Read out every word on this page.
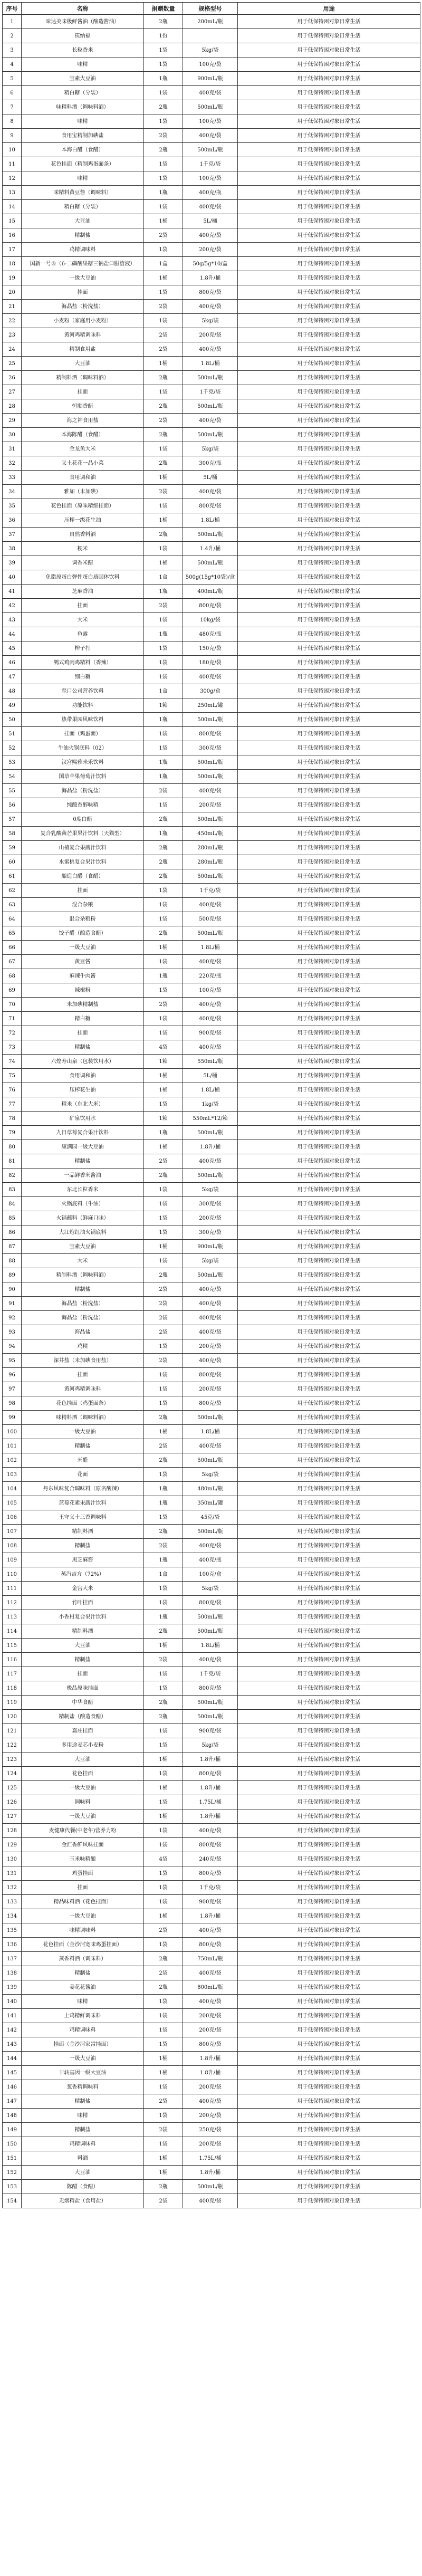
序号	名称	捐赠数量	规格型号	用途
1	味达美味极鲜酱油（酿造酱油）	2瓶	200mL/瓶	用于低保特困对象日常生活
2	筷纳福	1份		用于低保特困对象日常生活
3	长粒香米	1袋	5kg/袋	用于低保特困对象日常生活
4	味精	1袋	100克/袋	用于低保特困对象日常生活
5	宝素大豆油	1瓶	900mL/瓶	用于低保特困对象日常生活
6	精白糖（分装）	1袋	400克/袋	用于低保特困对象日常生活
7	味精料酒（调味料酒）	2瓶	500mL/瓶	用于低保特困对象日常生活
8	味精	1袋	100克/袋	用于低保特困对象日常生活
9	食用宝精制加碘盐	2袋	400克/袋	用于低保特困对象日常生活
10	本海白醋（食醋）	2瓶	500mL/瓶	用于低保特困对象日常生活
11	花色挂面（精制鸡蛋面条）	1袋	1千克/袋	用于低保特困对象日常生活
12	味精	1袋	100克/袋	用于低保特困对象日常生活
13	味精料黄豆酱（调味料）	1瓶	400克/瓶	用于低保特困对象日常生活
14	精白糖（分装）	1袋	400克/袋	用于低保特困对象日常生活
15	大豆油	1桶	5L/桶	用于低保特困对象日常生活
16	精制盐	2袋	400克/袋	用于低保特困对象日常生活
17	鸡精调味料	1袋	200克/袋	用于低保特困对象日常生活
18	国新一号®（6-二磷酸果糖三钠盐口服溶液）	1盒	50g/5g*10/盒	用于低保特困对象日常生活
19	一级大豆油	1桶	1.8升/桶	用于低保特困对象日常生活
20	挂面	1袋	800克/袋	用于低保特困对象日常生活
21	海晶盐（粉洗盐）	2袋	400克/袋	用于低保特困对象日常生活
22	小麦粉（家庭用小麦粉）	1袋	5kg/袋	用于低保特困对象日常生活
23	黄河鸡精调味料	2袋	200克/袋	用于低保特困对象日常生活
24	精制食用盐	2袋	400克/袋	用于低保特困对象日常生活
25	大豆油	1桶	1.8L/桶	用于低保特困对象日常生活
26	精制料酒（调味料酒）	2瓶	500mL/瓶	用于低保特困对象日常生活
27	挂面	1袋	1千克/袋	用于低保特困对象日常生活
28	恒顺香醋	2瓶	500mL/瓶	用于低保特困对象日常生活
29	海之神食用盐	2袋	400克/袋	用于低保特困对象日常生活
30	本海陈醋（食醋）	2瓶	500mL/瓶	用于低保特困对象日常生活
31	金龙鱼大米	1袋	5kg/袋	用于低保特困对象日常生活
32	义土花花一品小菜	2瓶	300克/瓶	用于低保特困对象日常生活
33	食用调和油	1桶	5L/桶	用于低保特困对象日常生活
34	雅加（未加碘）	2袋	400克/袋	用于低保特困对象日常生活
35	花色挂面（原味精细挂面）	1袋	800克/袋	用于低保特困对象日常生活
36	压榨一级花生油	1桶	1.8L/桶	用于低保特困对象日常生活
37	自然香料酒	2瓶	500mL/瓶	用于低保特困对象日常生活
38	粳米	1袋	1.4升/桶	用于低保特困对象日常生活
39	调香米醋	1桶	500mL/瓶	用于低保特困对象日常生活
40	免脂原蛋白弹性蛋白质固体饮料	1盒	500g(15g*10袋)/盒	用于低保特困对象日常生活
41	芝麻香油	1瓶	400mL/瓶	用于低保特困对象日常生活
42	挂面	2袋	800克/袋	用于低保特困对象日常生活
43	大米	1袋	10kg/袋	用于低保特困对象日常生活
44	鱼露	1瓶	480克/瓶	用于低保特困对象日常生活
45	榨子打	1袋	150克/袋	用于低保特困对象日常生活
46	鹌式鸡肉鸡精料（香辣）	1袋	180克/袋	用于低保特困对象日常生活
47	细白糖	1袋	400克/袋	用于低保特困对象日常生活
48	至口公司营养饮料	1盒	300g/盒	用于低保特困对象日常生活
49	功能饮料	1箱	250mL/罐	用于低保特困对象日常生活
50	热带果园风味饮料	1瓶	500mL/瓶	用于低保特困对象日常生活
51	挂面（鸡蛋面）	1袋	800克/袋	用于低保特困对象日常生活
52	牛油火锅底料（02）	1袋	300克/袋	用于低保特困对象日常生活
53	汉宫熙雅米乐饮料	1瓶	500mL/瓶	用于低保特困对象日常生活
54	国草苹果葡萄汁饮料	1瓶	500mL/瓶	用于低保特困对象日常生活
55	海晶盐（粉洗盐）	2袋	400克/袋	用于低保特困对象日常生活
56	纯酿香醇味精	1袋	200克/袋	用于低保特困对象日常生活
57	0度白醋	2瓶	500mL/瓶	用于低保特困对象日常生活
58	复合乳酸菌芒果果汁饮料（天猫型）	1瓶	450mL/瓶	用于低保特困对象日常生活
59	山楂复合果蔬汁饮料	2瓶	280mL/瓶	用于低保特困对象日常生活
60	水蜜桃复合果汁饮料	2瓶	280mL/瓶	用于低保特困对象日常生活
61	酿造白醋（食醋）	2瓶	500mL/瓶	用于低保特困对象日常生活
62	挂面	1袋	1千克/袋	用于低保特困对象日常生活
63	混合杂粮	1袋	400克/袋	用于低保特困对象日常生活
64	混合杂粮粉	1袋	500克/袋	用于低保特困对象日常生活
65	饺子醋（酿造食醋）	2瓶	500mL/瓶	用于低保特困对象日常生活
66	一级大豆油	1桶	1.8L/桶	用于低保特困对象日常生活
67	黄豆酱	1袋	400克/袋	用于低保特困对象日常生活
68	麻辣牛肉酱	1瓶	220克/瓶	用于低保特困对象日常生活
69	辣椒粉	1袋	100克/袋	用于低保特困对象日常生活
70	未加碘精制盐	2袋	400克/袋	用于低保特困对象日常生活
71	精白糖	1袋	400克/袋	用于低保特困对象日常生活
72	挂面	1袋	900克/袋	用于低保特困对象日常生活
73	精制盐	4袋	400克/袋	用于低保特困对象日常生活
74	六煌寿山泉（包装饮用水）	1箱	550mL/瓶	用于低保特困对象日常生活
75	食用调和油	1桶	5L/桶	用于低保特困对象日常生活
76	压榨花生油	1桶	1.8L/桶	用于低保特困对象日常生活
77	精米（东北大米）	1袋	1kg/袋	用于低保特困对象日常生活
78	矿泉饮用水	1箱	550mL*12/箱	用于低保特困对象日常生活
79	九日草莓复合果汁饮料	1瓶	500mL/瓶	用于低保特困对象日常生活
80	康满园一级大豆油	1桶	1.8升/桶	用于低保特困对象日常生活
81	精制盐	2袋	400克/袋	用于低保特困对象日常生活
82	一品鲜香米酱油	2瓶	500mL/瓶	用于低保特困对象日常生活
83	东北长粒香米	1袋	5kg/袋	用于低保特困对象日常生活
84	火锅底料（牛油）	1袋	300克/袋	用于低保特困对象日常生活
85	火锅蘸料（鲜麻口味）	1袋	200克/袋	用于低保特困对象日常生活
86	大江炮红油火锅底料	1袋	300克/袋	用于低保特困对象日常生活
87	宝素大豆油	1桶	900mL/瓶	用于低保特困对象日常生活
88	大米	1袋	5kg/袋	用于低保特困对象日常生活
89	精制料酒（调味料酒）	2瓶	500mL/瓶	用于低保特困对象日常生活
90	精制盐	2袋	400克/袋	用于低保特困对象日常生活
91	海晶盐（粉洗盐）	2袋	400克/袋	用于低保特困对象日常生活
92	海晶盐（粉洗盐）	2袋	400克/袋	用于低保特困对象日常生活
93	海晶盐	2袋	400克/袋	用于低保特困对象日常生活
94	鸡精	1袋	200克/袋	用于低保特困对象日常生活
95	深井盐（未加碘食用盐）	2袋	400克/袋	用于低保特困对象日常生活
96	挂面	1袋	800克/袋	用于低保特困对象日常生活
97	黄河鸡精调味料	1袋	200克/袋	用于低保特困对象日常生活
98	花色挂面（鸡蛋面条）	1袋	800克/袋	用于低保特困对象日常生活
99	味精料酒（调味料酒）	2瓶	500mL/瓶	用于低保特困对象日常生活
100	一级大豆油	1桶	1.8L/桶	用于低保特困对象日常生活
101	精制盐	2袋	400克/袋	用于低保特困对象日常生活
102	米醋	2瓶	500mL/瓶	用于低保特困对象日常生活
103	花面	1袋	5kg/袋	用于低保特困对象日常生活
104	丹东风味复合调味料（原名酸辣）	1瓶	480mL/瓶	用于低保特困对象日常生活
105	蓝莓花素果蔬汁饮料	1瓶	350mL/罐	用于低保特困对象日常生活
106	王守义十三香调味料	1袋	45克/袋	用于低保特困对象日常生活
107	精制料酒	2瓶	500mL/瓶	用于低保特困对象日常生活
108	精制盐	2袋	400克/袋	用于低保特困对象日常生活
109	黑芝麻酱	1瓶	400克/瓶	用于低保特困对象日常生活
110	蒸汽吉方（72%）	1盒	100克/盒	用于低保特困对象日常生活
111	金宫大米	1袋	5kg/袋	用于低保特困对象日常生活
112	竹叶挂面	1袋	800克/袋	用于低保特困对象日常生活
113	小香柑复合果汁饮料	1瓶	500mL/瓶	用于低保特困对象日常生活
114	精制料酒	2瓶	500mL/瓶	用于低保特困对象日常生活
115	大豆油	1桶	1.8L/桶	用于低保特困对象日常生活
116	精制盐	2袋	400克/袋	用于低保特困对象日常生活
117	挂面	1袋	1千克/袋	用于低保特困对象日常生活
118	极品原味挂面	1袋	800克/袋	用于低保特困对象日常生活
119	中华食醋	2瓶	500mL/瓶	用于低保特困对象日常生活
120	精制盐（酿造食醋）	2瓶	500mL/瓶	用于低保特困对象日常生活
121	嘉庄挂面	1袋	900克/袋	用于低保特困对象日常生活
122	多用途麦芯小麦粉	1袋	5kg/袋	用于低保特困对象日常生活
123	大豆油	1桶	1.8升/桶	用于低保特困对象日常生活
124	花色挂面	1袋	800克/袋	用于低保特困对象日常生活
125	一级大豆油	1桶	1.8升/桶	用于低保特困对象日常生活
126	调味料	1袋	1.75L/桶	用于低保特困对象日常生活
127	一级大豆油	1桶	1.8升/桶	用于低保特困对象日常生活
128	麦健康代餐(中老年)营养力粉	1袋	400克/袋	用于低保特困对象日常生活
129	金汇香鲜风味挂面	1袋	800克/袋	用于低保特困对象日常生活
130	玉米味精酿	4袋	240克/袋	用于低保特困对象日常生活
131	鸡蛋挂面	1袋	800克/袋	用于低保特困对象日常生活
132	挂面	1袋	1千克/袋	用于低保特困对象日常生活
133	精品味料酒（花色挂面）	1袋	900克/袋	用于低保特困对象日常生活
134	一级大豆油	1桶	1.8升/桶	用于低保特困对象日常生活
135	味精调味料	2袋	400克/袋	用于低保特困对象日常生活
136	花色挂面（金沙河宽味鸡蛋挂面）	1袋	800克/袋	用于低保特困对象日常生活
137	蒸香料酒（调味料）	2瓶	750mL/瓶	用于低保特困对象日常生活
138	精制盐	2袋	400克/袋	用于低保特困对象日常生活
139	姜花花酱油	2瓶	800mL/瓶	用于低保特困对象日常生活
140	味精	1袋	400克/袋	用于低保特困对象日常生活
141	土鸡精鲜调味料	1袋	200克/袋	用于低保特困对象日常生活
142	鸡精调味料	1袋	200克/袋	用于低保特困对象日常生活
143	挂面（金沙河家常挂面）	1袋	800克/袋	用于低保特困对象日常生活
144	一级大豆油	1桶	1.8升/桶	用于低保特困对象日常生活
145	非转基因一级大豆油	1桶	1.8升/桶	用于低保特困对象日常生活
146	葱香精调味料	1袋	200克/袋	用于低保特困对象日常生活
147	精制盐	2袋	400克/袋	用于低保特困对象日常生活
148	味精	1袋	200克/袋	用于低保特困对象日常生活
149	精制盐	2袋	250克/袋	用于低保特困对象日常生活
150	鸡精调味料	1袋	200克/袋	用于低保特困对象日常生活
151	料酒	1桶	1.75L/桶	用于低保特困对象日常生活
152	大豆油	1桶	1.8升/桶	用于低保特困对象日常生活
153	陈醋（食醋）	2瓶	500mL/瓶	用于低保特困对象日常生活
154	无烟精盐（食用盐）	2袋	400克/袋	用于低保特困对象日常生活
